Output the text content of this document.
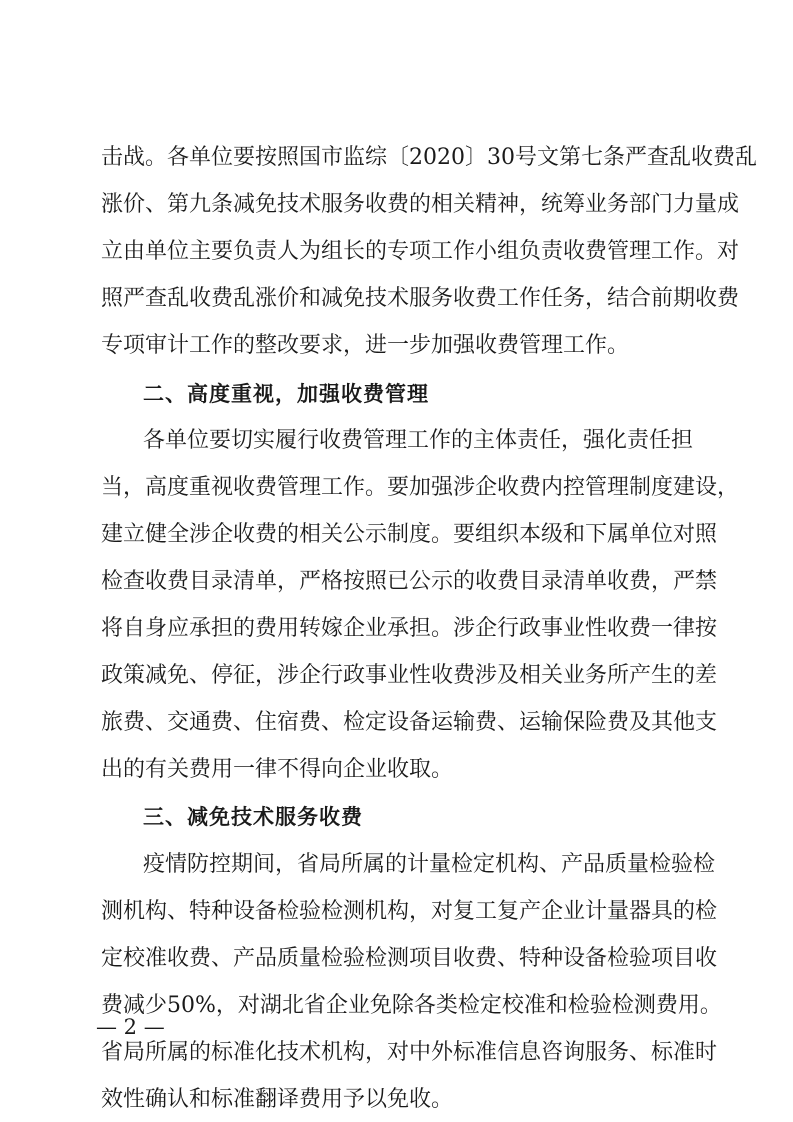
击战。各单位要按照国市监综〔2020〕30号文第七条严查乱收费乱
涨价、第九条减免技术服务收费的相关精神，统筹业务部门力量成
立由单位主要负责人为组长的专项工作小组负责收费管理工作。对
照严查乱收费乱涨价和减免技术服务收费工作任务，结合前期收费
专项审计工作的整改要求，进一步加强收费管理工作。
二、高度重视，加强收费管理
各单位要切实履行收费管理工作的主体责任，强化责任担
当，高度重视收费管理工作。要加强涉企收费内控管理制度建设，
建立健全涉企收费的相关公示制度。要组织本级和下属单位对照
检查收费目录清单，严格按照已公示的收费目录清单收费，严禁
将自身应承担的费用转嫁企业承担。涉企行政事业性收费一律按
政策减免、停征，涉企行政事业性收费涉及相关业务所产生的差
旅费、交通费、住宿费、检定设备运输费、运输保险费及其他支
出的有关费用一律不得向企业收取。
三、减免技术服务收费
疫情防控期间，省局所属的计量检定机构、产品质量检验检
测机构、特种设备检验检测机构，对复工复产企业计量器具的检
定校准收费、产品质量检验检测项目收费、特种设备检验项目收
费减少50%，对湖北省企业免除各类检定校准和检验检测费用。
省局所属的标准化技术机构，对中外标准信息咨询服务、标准时
效性确认和标准翻译费用予以免收。
— 2 —
